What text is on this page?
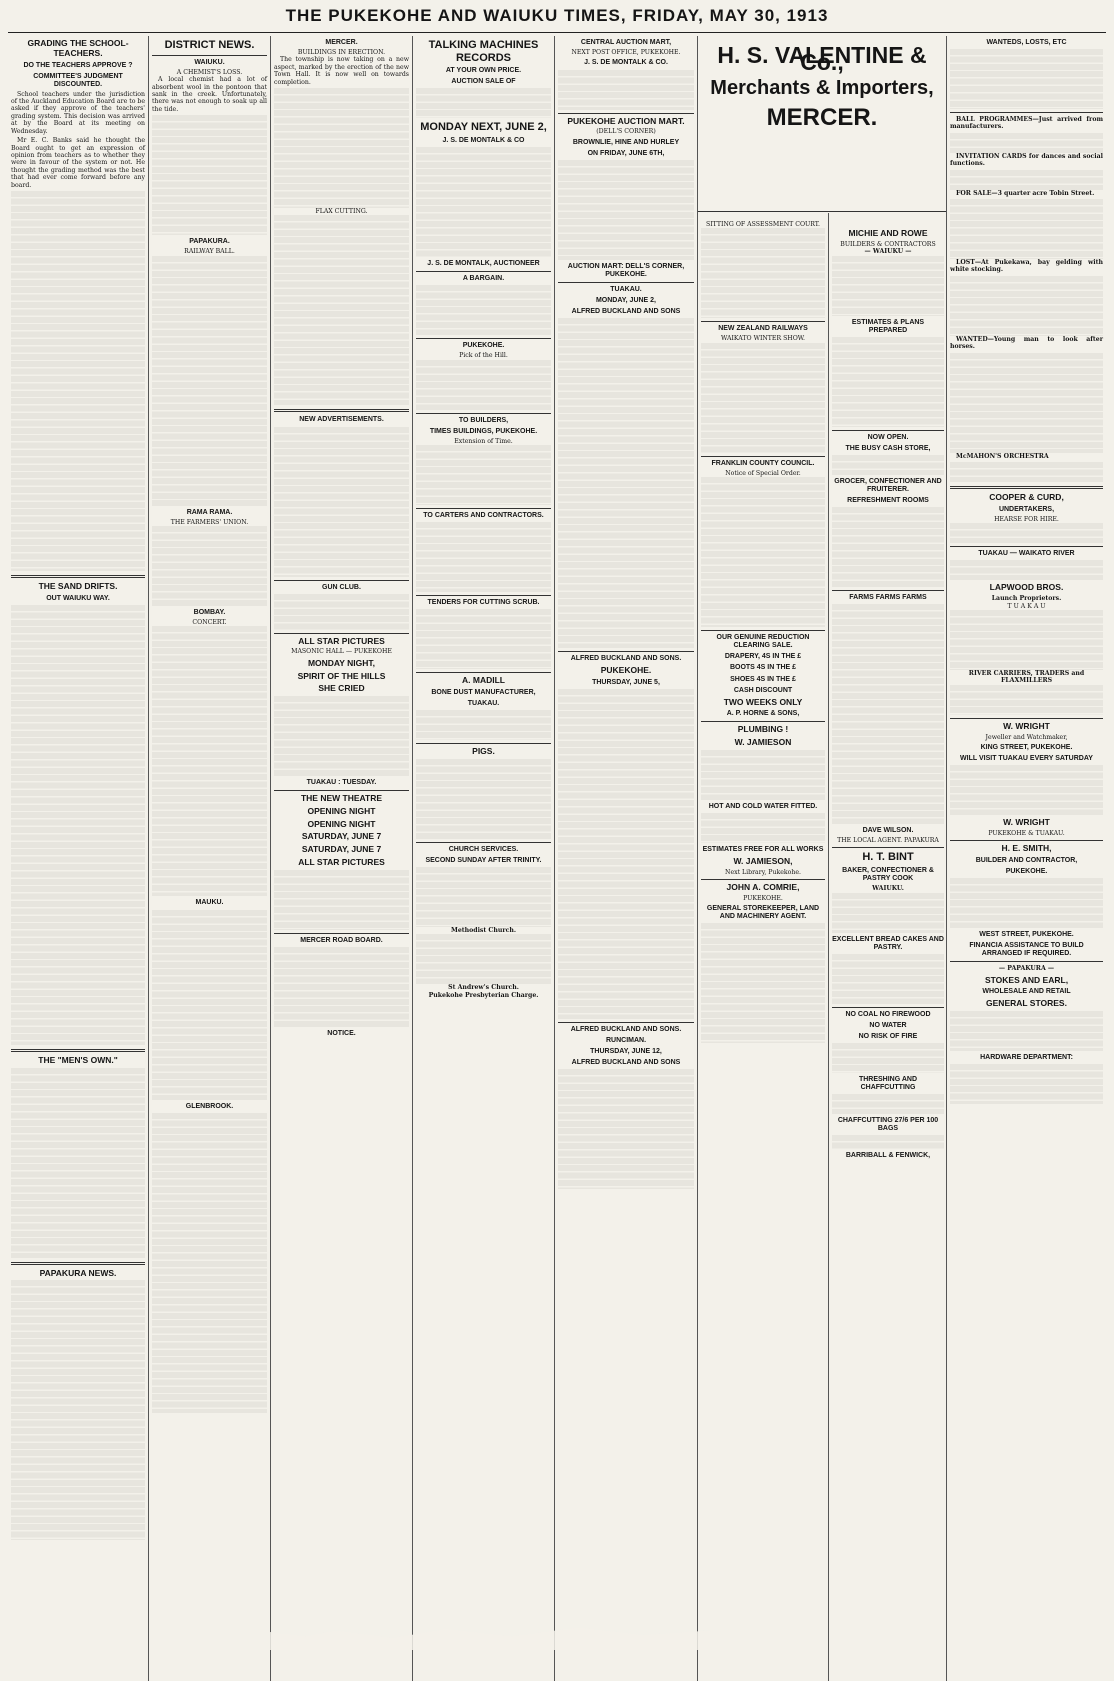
THE PUKEKOHE AND WAIUKU TIMES, FRIDAY, MAY 30, 1913
GRADING THE SCHOOL-TEACHERS.
DO THE TEACHERS APPROVE ?
COMMITTEE'S JUDGMENT DISCOUNTED.

School teachers under the jurisdiction of the Auckland Education Board are to be asked if they approve of the teachers' grading system. This decision was arrived at by the Board at its meeting on Wednesday.

Mr E. C. Banks said he thought the Board ought to get an expression of opinion from teachers as to whether they were in favour of the system or not. He thought the grading method was the best that had ever come forward before any board.

THE SAND DRIFTS.
OUT WAIUKU WAY.
THE "MEN'S OWN."
PAPAKURA NEWS.
DISTRICT NEWS.
WAIUKU.
A CHEMIST'S LOSS.

A local chemist had a lot of absorbent wool in the pontoon that sank in the creek. Unfortunately, there was not enough to soak up all the tide.

PAPAKURA.
RAILWAY BALL.
RAMA RAMA.
THE FARMERS' UNION.
BOMBAY.
CONCERT.
MAUKU.
GLENBROOK.
MERCER.
BUILDINGS IN ERECTION.

The township is now taking on a new aspect, marked by the erection of the new Town Hall. It is now well on towards completion.

FLAX CUTTING.
NEW ADVERTISEMENTS.
GUN CLUB.
ALL STAR PICTURES
MASONIC HALL — PUKEKOHE
MONDAY NIGHT,
SPIRIT OF THE HILLS
SHE CRIED
TUAKAU : TUESDAY.
THE NEW THEATRE
OPENING NIGHT
OPENING NIGHT
SATURDAY, JUNE 7
SATURDAY, JUNE 7
ALL STAR PICTURES
MERCER ROAD BOARD.
NOTICE.
TALKING MACHINES RECORDS
AT YOUR OWN PRICE.
AUCTION SALE OF
MONDAY NEXT, JUNE 2,
J. S. DE MONTALK & CO
J. S. DE MONTALK, AUCTIONEER
A BARGAIN.
PUKEKOHE.
Pick of the Hill.
TO BUILDERS,
TIMES BUILDINGS, PUKEKOHE.
Extension of Time.
TO CARTERS AND CONTRACTORS.
TENDERS FOR CUTTING SCRUB.
A. MADILL
BONE DUST MANUFACTURER,
TUAKAU.
PIGS.
CHURCH SERVICES.
SECOND SUNDAY AFTER TRINITY.
Methodist Church.
St Andrew's Church.
Pukekohe Presbyterian Charge.
CENTRAL AUCTION MART,
NEXT POST OFFICE, PUKEKOHE.
J. S. DE MONTALK & CO.
PUKEKOHE AUCTION MART.
(DELL'S CORNER)
BROWNLIE, HINE AND HURLEY
ON FRIDAY, JUNE 6TH,
AUCTION MART: DELL'S CORNER, PUKEKOHE.
TUAKAU.
MONDAY, JUNE 2,
ALFRED BUCKLAND AND SONS
ALFRED BUCKLAND AND SONS.
PUKEKOHE.
THURSDAY, JUNE 5,
ALFRED BUCKLAND AND SONS.
RUNCIMAN.
THURSDAY, JUNE 12,
ALFRED BUCKLAND AND SONS
H. S. VALENTINE & Co.,
Merchants & Importers,
MERCER.
SITTING OF ASSESSMENT COURT.
NEW ZEALAND RAILWAYS
WAIKATO WINTER SHOW.
FRANKLIN COUNTY COUNCIL.
Notice of Special Order.
OUR GENUINE REDUCTION CLEARING SALE.
DRAPERY, 4S IN THE £
BOOTS 4S IN THE £
SHOES 4S IN THE £
CASH DISCOUNT
TWO WEEKS ONLY
A. P. HORNE & SONS,
PLUMBING !
W. JAMIESON
HOT AND COLD WATER FITTED.
ESTIMATES FREE FOR ALL WORKS
W. JAMIESON,
Next Library, Pukekohe.
JOHN A. COMRIE,
PUKEKOHE.
GENERAL STOREKEEPER, LAND AND MACHINERY AGENT.
MICHIE AND ROWE
BUILDERS & CONTRACTORS
— WAIUKU —
ESTIMATES & PLANS PREPARED
NOW OPEN.
THE BUSY CASH STORE,
GROCER, CONFECTIONER AND FRUITERER.
REFRESHMENT ROOMS
FARMS FARMS FARMS
DAVE WILSON.
THE LOCAL AGENT. PAPAKURA
H. T. BINT
BAKER, CONFECTIONER & PASTRY COOK
WAIUKU.
EXCELLENT BREAD CAKES AND PASTRY.
NO COAL NO FIREWOOD
NO WATER
NO RISK OF FIRE
THRESHING AND CHAFFCUTTING
CHAFFCUTTING 27/6 PER 100 BAGS
BARRIBALL & FENWICK,
WANTEDS, LOSTS, ETC

BALL PROGRAMMES—Just arrived from manufacturers.

INVITATION CARDS for dances and social functions.

FOR SALE—3 quarter acre Tobin Street.

LOST—At Pukekawa, bay gelding with white stocking.

WANTED—Young man to look after horses.

McMAHON'S ORCHESTRA

COOPER & CURD,
UNDERTAKERS,
HEARSE FOR HIRE.
TUAKAU — WAIKATO RIVER
LAPWOOD BROS.
Launch Proprietors.
T U A K A U
RIVER CARRIERS, TRADERS and FLAXMILLERS
W. WRIGHT
Jeweller and Watchmaker,
KING STREET, PUKEKOHE.
WILL VISIT TUAKAU EVERY SATURDAY
W. WRIGHT
PUKEKOHE & TUAKAU.
H. E. SMITH,
BUILDER AND CONTRACTOR,
PUKEKOHE.
WEST STREET, PUKEKOHE.
FINANCIA ASSISTANCE TO BUILD ARRANGED IF REQUIRED.
— PAPAKURA —
STOKES AND EARL,
WHOLESALE AND RETAIL
GENERAL STORES.
HARDWARE DEPARTMENT:
